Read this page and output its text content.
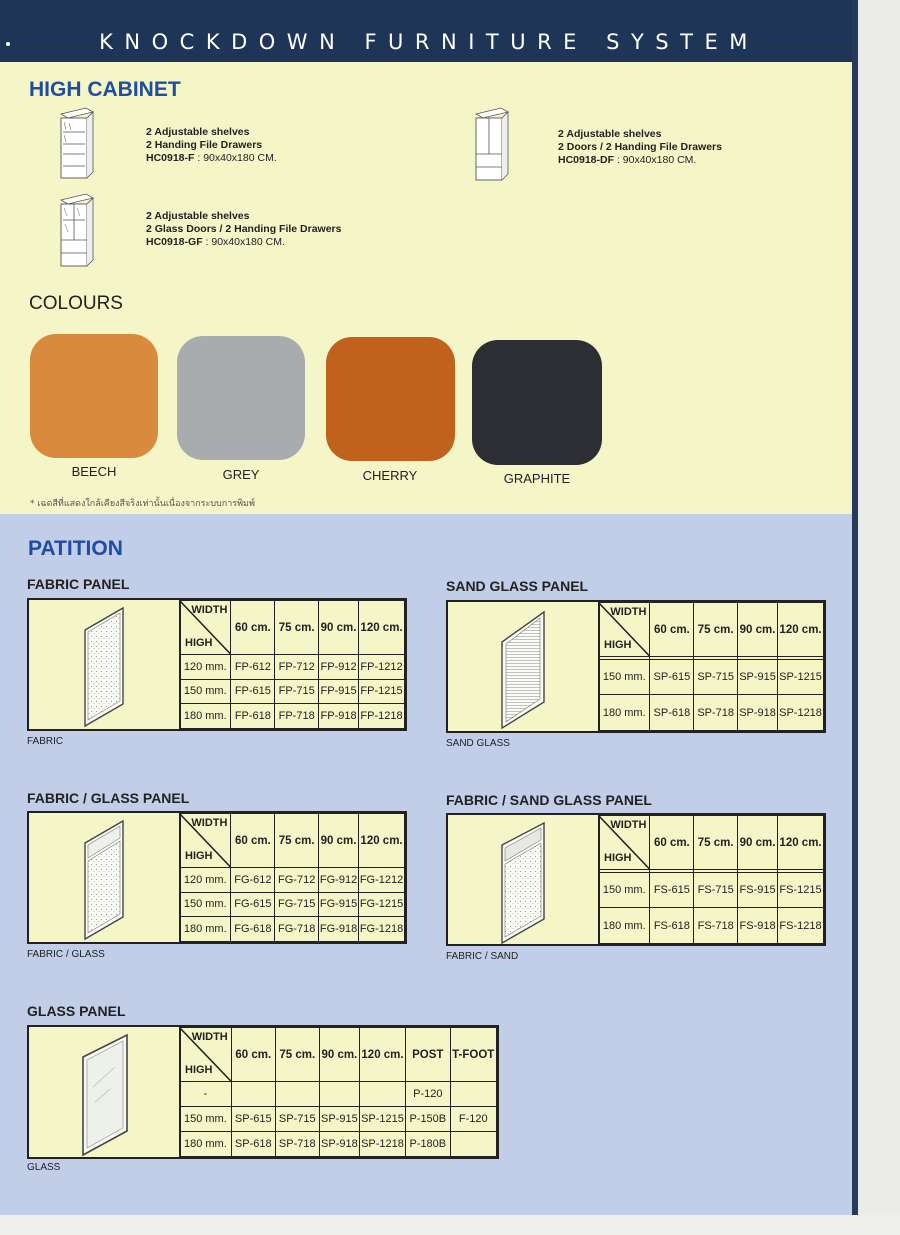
KNOCKDOWN FURNITURE SYSTEM
HIGH CABINET
2 Adjustable shelves
2 Handing File Drawers
HC0918-F : 90x40x180 CM.
2 Adjustable shelves
2 Doors / 2 Handing File Drawers
HC0918-DF : 90x40x180 CM.
2 Adjustable shelves
2 Glass Doors / 2 Handing File Drawers
HC0918-GF : 90x40x180 CM.
COLOURS
BEECH	GREY	CHERRY	GRAPHITE
* เฉดสีที่แสดงใกล้เคียงสีจริงเท่านั้นเนื่องจากระบบการพิมพ์
PATITION
FABRIC PANEL
WIDTH
HIGH	60 cm.	75 cm.	90 cm.	120 cm.
120 mm.	FP-612	FP-712	FP-912	FP-1212
150 mm.	FP-615	FP-715	FP-915	FP-1215
180 mm.	FP-618	FP-718	FP-918	FP-1218
FABRIC
SAND GLASS PANEL
WIDTH
HIGH	60 cm.	75 cm.	90 cm.	120 cm.

150 mm.	SP-615	SP-715	SP-915	SP-1215
180 mm.	SP-618	SP-718	SP-918	SP-1218
SAND GLASS
FABRIC / GLASS PANEL
WIDTH
HIGH	60 cm.	75 cm.	90 cm.	120 cm.
120 mm.	FG-612	FG-712	FG-912	FG-1212
150 mm.	FG-615	FG-715	FG-915	FG-1215
180 mm.	FG-618	FG-718	FG-918	FG-1218
FABRIC / GLASS
FABRIC / SAND GLASS PANEL
WIDTH
HIGH	60 cm.	75 cm.	90 cm.	120 cm.

150 mm.	FS-615	FS-715	FS-915	FS-1215
180 mm.	FS-618	FS-718	FS-918	FS-1218
FABRIC / SAND
GLASS PANEL
WIDTH
HIGH	60 cm.	75 cm.	90 cm.	120 cm.	POST	T-FOOT
-					P-120	
150 mm.	SP-615	SP-715	SP-915	SP-1215	P-150B	F-120
180 mm.	SP-618	SP-718	SP-918	SP-1218	P-180B	
GLASS
